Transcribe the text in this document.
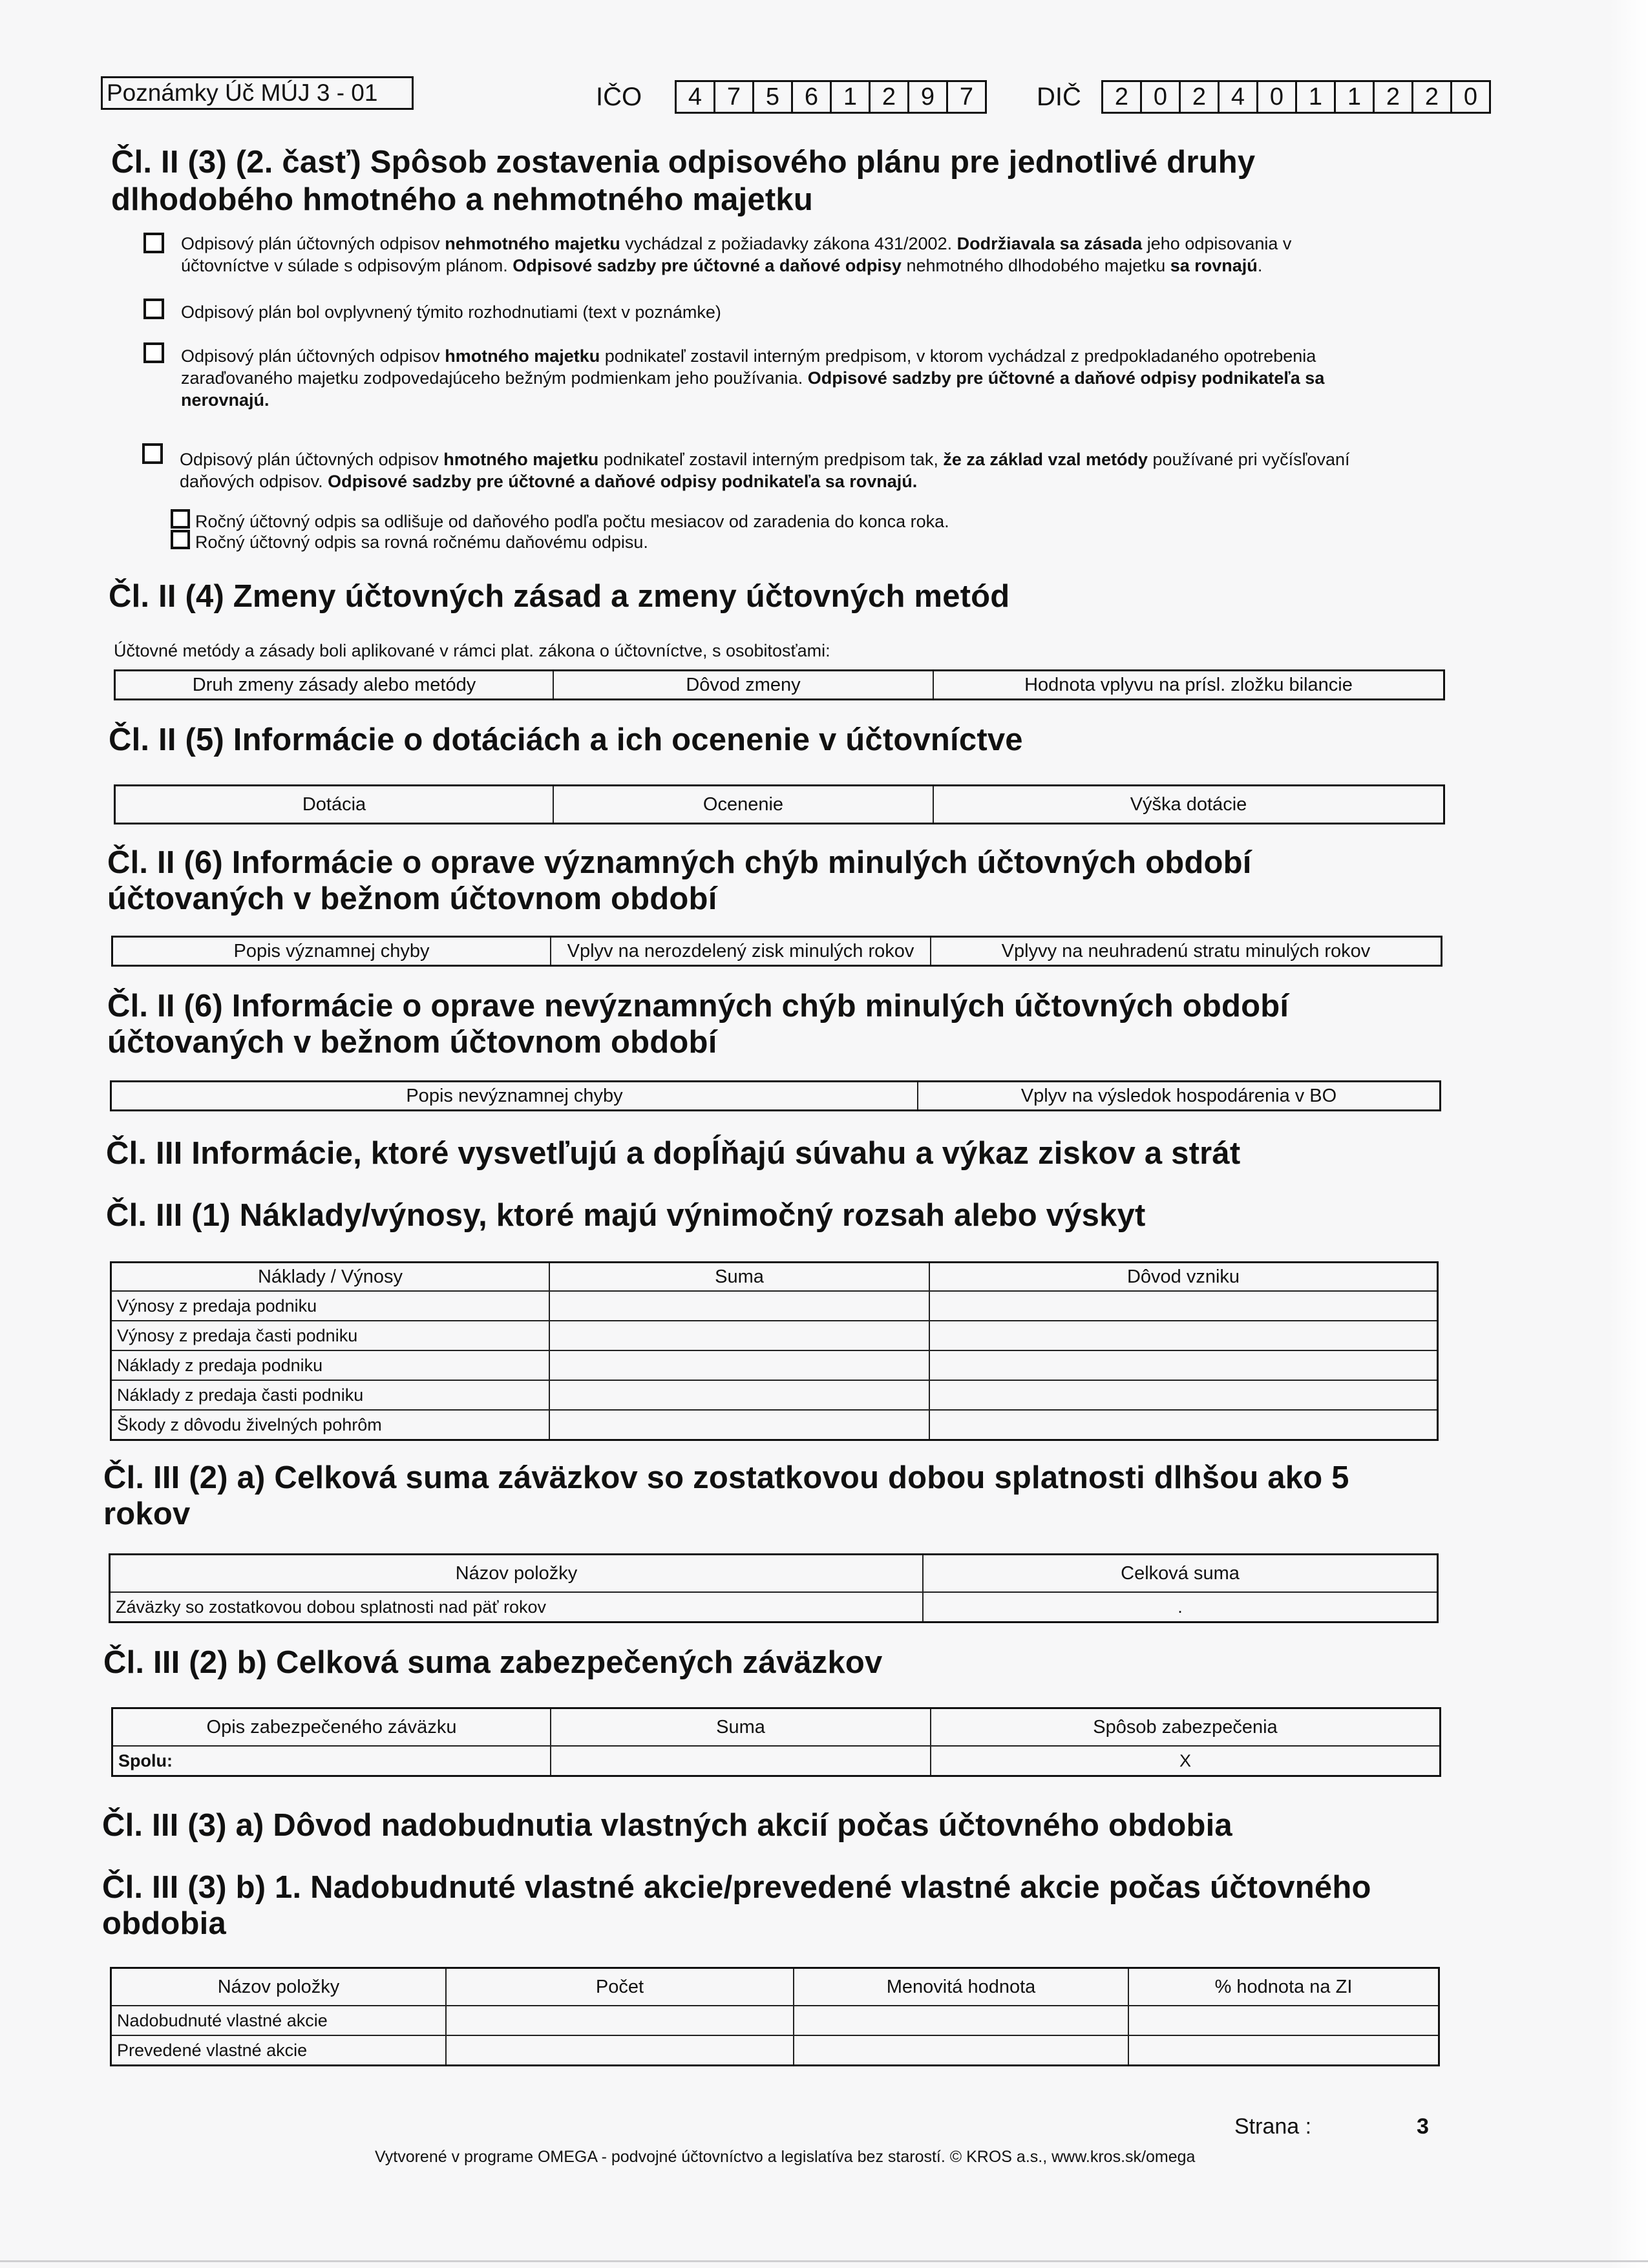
Poznámky Úč MÚJ 3 - 01	IČO	4	7	5	6	1	2	9	7	DIČ	2	0	2	4	0	1	1	2	2	0
Čl. II (3) (2. časť) Spôsob zostavenia odpisového plánu pre jednotlivé druhy
dlhodobého hmotného a nehmotného majetku
Odpisový plán účtovných odpisov nehmotného majetku vychádzal z požiadavky zákona 431/2002. Dodržiavala sa zásada jeho odpisovania v
účtovníctve v súlade s odpisovým plánom. Odpisové sadzby pre účtovné a daňové odpisy nehmotného dlhodobého majetku sa rovnajú.
Odpisový plán bol ovplyvnený týmito rozhodnutiami (text v poznámke)
Odpisový plán účtovných odpisov hmotného majetku podnikateľ zostavil interným predpisom, v ktorom vychádzal z predpokladaného opotrebenia
zaraďovaného majetku zodpovedajúceho bežným podmienkam jeho používania. Odpisové sadzby pre účtovné a daňové odpisy podnikateľa sa
nerovnajú.
Odpisový plán účtovných odpisov hmotného majetku podnikateľ zostavil interným predpisom tak, že za základ vzal metódy používané pri vyčísľovaní
daňových odpisov. Odpisové sadzby pre účtovné a daňové odpisy podnikateľa sa rovnajú.
Ročný účtovný odpis sa odlišuje od daňového podľa počtu mesiacov od zaradenia do konca roka.
Ročný účtovný odpis sa rovná ročnému daňovému odpisu.
Čl. II (4) Zmeny účtovných zásad a zmeny účtovných metód
Účtovné metódy a zásady boli aplikované v rámci plat. zákona o účtovníctve, s osobitosťami:
Druh zmeny zásady alebo metódy	Dôvod zmeny	Hodnota vplyvu na prísl. zložku bilancie
Čl. II (5) Informácie o dotáciách a ich ocenenie v účtovníctve
Dotácia	Ocenenie	Výška dotácie
Čl. II (6) Informácie o oprave významných chýb minulých účtovných období
účtovaných v bežnom účtovnom období
Popis významnej chyby	Vplyv na nerozdelený zisk minulých rokov	Vplyvy na neuhradenú stratu minulých rokov
Čl. II (6) Informácie o oprave nevýznamných chýb minulých účtovných období
účtovaných v bežnom účtovnom období
Popis nevýznamnej chyby	Vplyv na výsledok hospodárenia v BO
Čl. III Informácie, ktoré vysvetľujú a dopĺňajú súvahu a výkaz ziskov a strát
Čl. III (1) Náklady/výnosy, ktoré majú výnimočný rozsah alebo výskyt
Náklady / Výnosy	Suma	Dôvod vzniku
Výnosy z predaja podniku		
Výnosy z predaja časti podniku		
Náklady z predaja podniku		
Náklady z predaja časti podniku		
Škody z dôvodu živelných pohrôm		
Čl. III (2) a) Celková suma záväzkov so zostatkovou dobou splatnosti dlhšou ako 5
rokov
Názov položky	Celková suma
Záväzky so zostatkovou dobou splatnosti nad päť rokov	.
Čl. III (2) b) Celková suma zabezpečených záväzkov
Opis zabezpečeného záväzku	Suma	Spôsob zabezpečenia
Spolu:		X
Čl. III (3) a) Dôvod nadobudnutia vlastných akcií počas účtovného obdobia
Čl. III (3) b) 1. Nadobudnuté vlastné akcie/prevedené vlastné akcie počas účtovného
obdobia
Názov položky	Počet	Menovitá hodnota	% hodnota na ZI
Nadobudnuté vlastné akcie			
Prevedené vlastné akcie			
Strana :	3
Vytvorené v programe OMEGA - podvojné účtovníctvo a legislatíva bez starostí. © KROS a.s., www.kros.sk/omega
